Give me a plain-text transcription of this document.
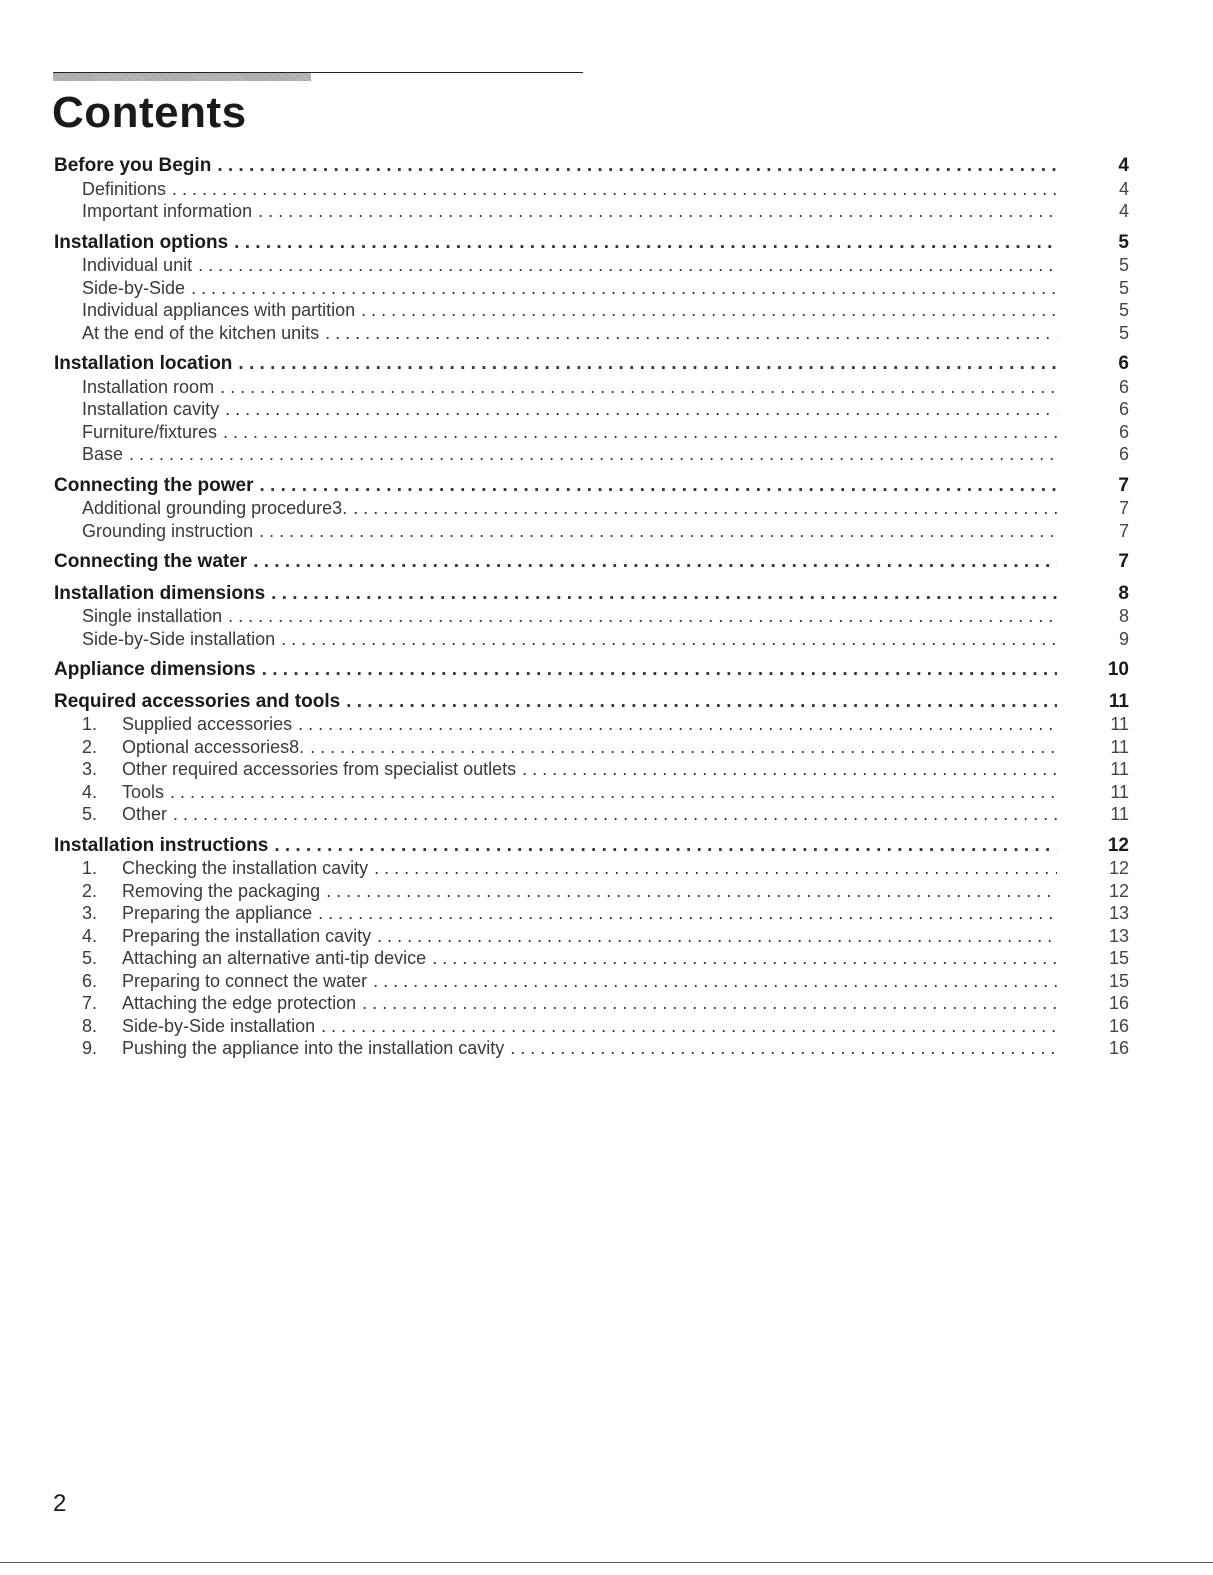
Contents
Before you Begin . . .	4
Definitions . . .	4
Important information . . .	4
Installation options . . .	5
Individual unit . . .	5
Side-by-Side . . .	5
Individual appliances with partition . . .	5
At the end of the kitchen units . . .	5
Installation location . . .	6
Installation room . . .	6
Installation cavity . . .	6
Furniture/fixtures . . .	6
Base . . .	6
Connecting the power . . .	7
Additional grounding procedure3. . . .	7
Grounding instruction . . .	7
Connecting the water . . .	7
Installation dimensions . . .	8
Single installation . . .	8
Side-by-Side installation . . .	9
Appliance dimensions . . .	10
Required accessories and tools . . .	11
1. Supplied accessories . . .	11
2. Optional accessories8. . . .	11
3. Other required accessories from specialist outlets . . .	11
4. Tools . . .	11
5. Other . . .	11
Installation instructions . . .	12
1. Checking the installation cavity . . .	12
2. Removing the packaging . . .	12
3. Preparing the appliance . . .	13
4. Preparing the installation cavity . . .	13
5. Attaching an alternative anti-tip device . . .	15
6. Preparing to connect the water . . .	15
7. Attaching the edge protection . . .	16
8. Side-by-Side installation . . .	16
9. Pushing the appliance into the installation cavity . . .	16
2
